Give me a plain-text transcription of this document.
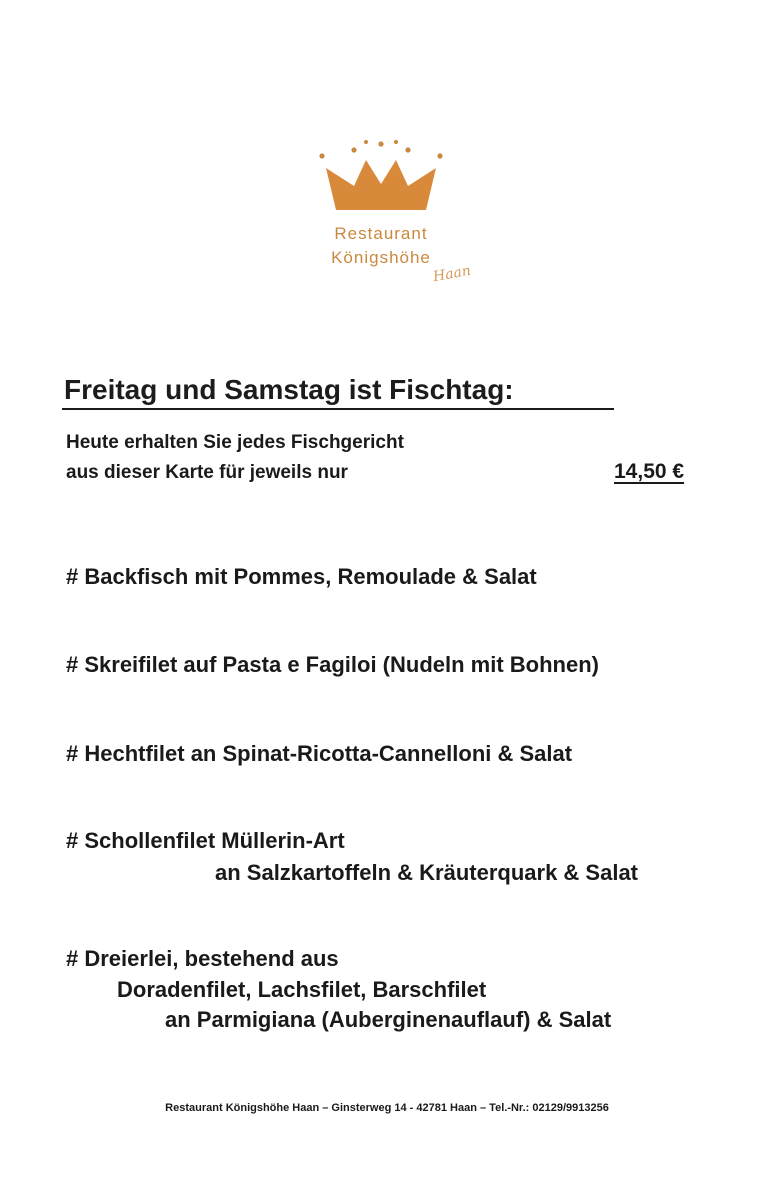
Restaurant
Königshöhe
Haan
Freitag und Samstag ist Fischtag:
Heute erhalten Sie jedes Fischgericht
aus dieser Karte für jeweils nur	14,50 €
# Backfisch mit Pommes, Remoulade & Salat
# Skreifilet auf Pasta e Fagiloi (Nudeln mit Bohnen)
# Hechtfilet an Spinat-Ricotta-Cannelloni & Salat
# Schollenfilet Müllerin-Art
an Salzkartoffeln & Kräuterquark & Salat
# Dreierlei, bestehend aus
Doradenfilet, Lachsfilet, Barschfilet
an Parmigiana (Auberginenauflauf) & Salat
Restaurant Königshöhe Haan – Ginsterweg 14 - 42781 Haan – Tel.-Nr.: 02129/9913256
